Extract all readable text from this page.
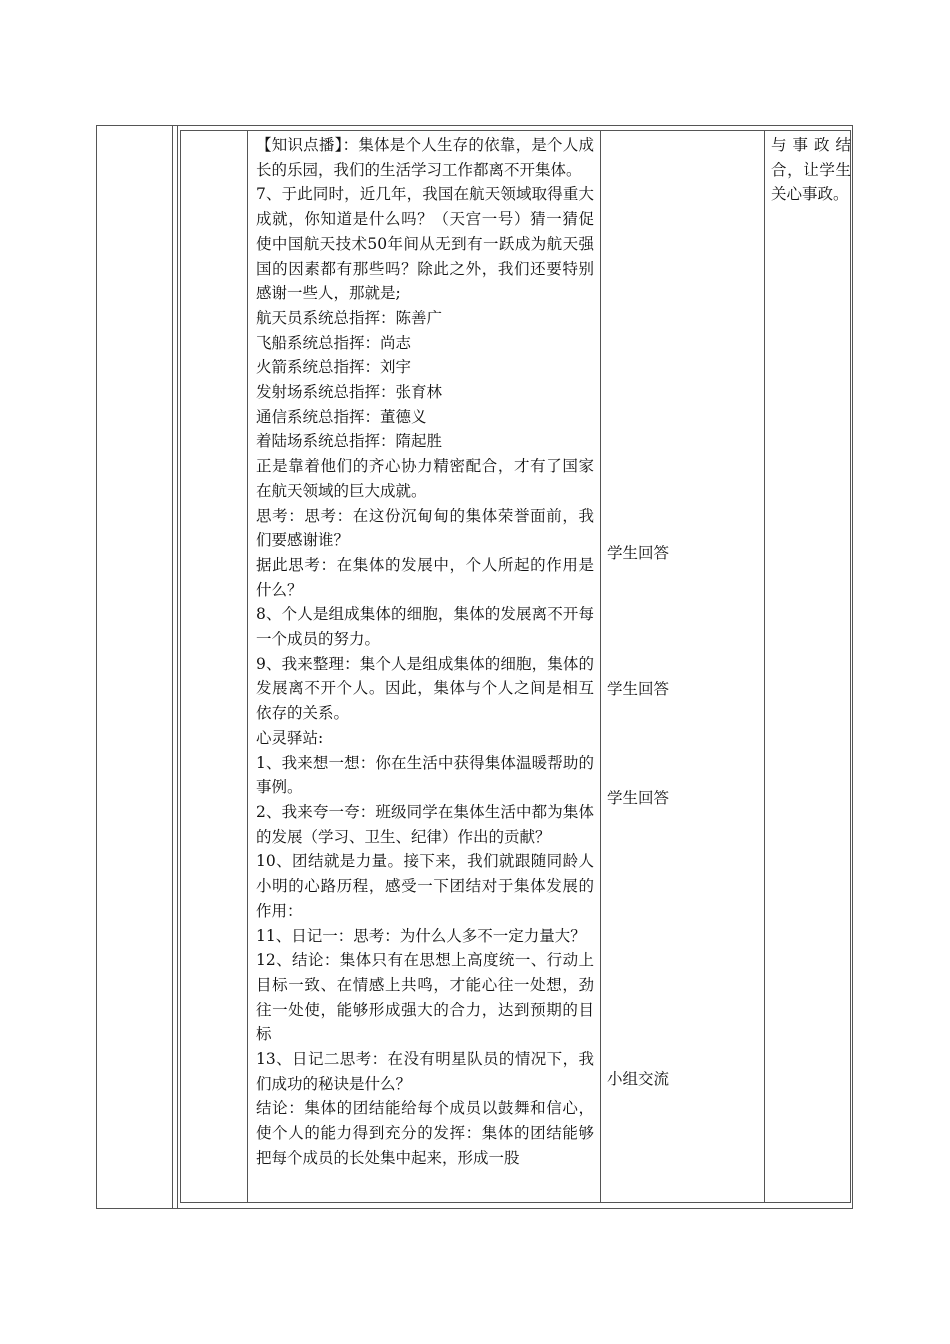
【知识点播】：集体是个人生存的依靠，是个人成长的乐园，我们的生活学习工作都离不开集体。

7、于此同时，近几年，我国在航天领域取得重大成就，你知道是什么吗？（天宫一号）猜一猜促使中国航天技术50年间从无到有一跃成为航天强国的因素都有那些吗？除此之外，我们还要特别感谢一些人，那就是;

航天员系统总指挥：陈善广

飞船系统总指挥：尚志

火箭系统总指挥：刘宇

发射场系统总指挥：张育林

通信系统总指挥：董德义

着陆场系统总指挥：隋起胜

正是靠着他们的齐心协力精密配合，才有了国家在航天领域的巨大成就。

思考：思考：在这份沉甸甸的集体荣誉面前，我们要感谢谁？

据此思考：在集体的发展中，个人所起的作用是什么？

8、个人是组成集体的细胞，集体的发展离不开每一个成员的努力。

9、我来整理：集个人是组成集体的细胞，集体的发展离不开个人。因此，集体与个人之间是相互依存的关系。

心灵驿站:

1、我来想一想：你在生活中获得集体温暖帮助的事例。

2、我来夸一夸：班级同学在集体生活中都为集体的发展（学习、卫生、纪律）作出的贡献？

10、团结就是力量。接下来，我们就跟随同龄人小明的心路历程，感受一下团结对于集体发展的作用：

11、日记一：思考：为什么人多不一定力量大？

12、结论：集体只有在思想上高度统一、行动上目标一致、在情感上共鸣，才能心往一处想，劲往一处使，能够形成强大的合力，达到预期的目标

13、日记二思考：在没有明星队员的情况下，我们成功的秘诀是什么？

结论：集体的团结能给每个成员以鼓舞和信心，使个人的能力得到充分的发挥：集体的团结能够把每个成员的长处集中起来，形成一股

学生回答
学生回答
学生回答
小组交流

与事政结合，让学生关心事政。
